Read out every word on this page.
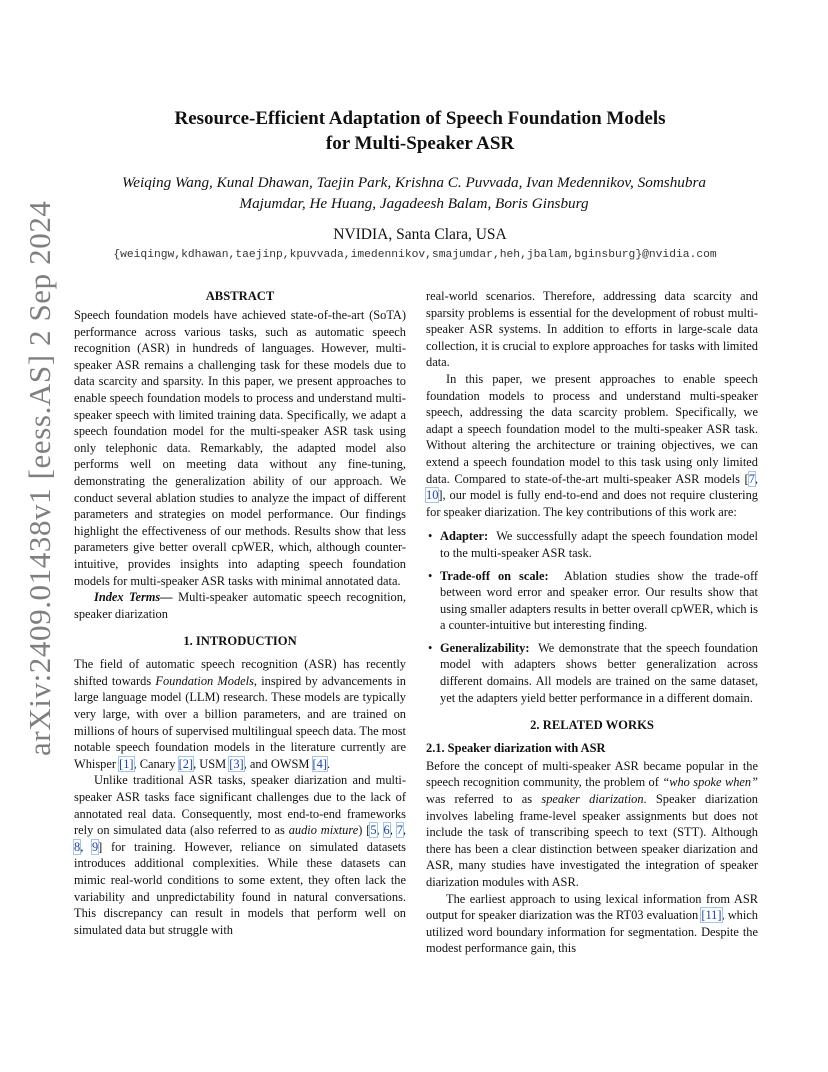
arXiv:2409.01438v1 [eess.AS] 2 Sep 2024
Resource-Efficient Adaptation of Speech Foundation Models
for Multi-Speaker ASR
Weiqing Wang, Kunal Dhawan, Taejin Park, Krishna C. Puvvada, Ivan Medennikov, Somshubra
Majumdar, He Huang, Jagadeesh Balam, Boris Ginsburg
NVIDIA, Santa Clara, USA
{weiqingw,kdhawan,taejinp,kpuvvada,imedennikov,smajumdar,heh,jbalam,bginsburg}@nvidia.com
ABSTRACT

Speech foundation models have achieved state-of-the-art (SoTA) performance across various tasks, such as automatic speech recognition (ASR) in hundreds of languages. However, multi-speaker ASR remains a challenging task for these models due to data scarcity and sparsity. In this paper, we present approaches to enable speech foundation models to process and understand multi-speaker speech with limited training data. Specifically, we adapt a speech foundation model for the multi-speaker ASR task using only telephonic data. Remarkably, the adapted model also performs well on meeting data without any fine-tuning, demonstrating the generalization ability of our approach. We conduct several ablation studies to analyze the impact of different parameters and strategies on model performance. Our findings highlight the effectiveness of our methods. Results show that less parameters give better overall cpWER, which, although counter-intuitive, provides insights into adapting speech foundation models for multi-speaker ASR tasks with minimal annotated data.

Index Terms— Multi-speaker automatic speech recognition, speaker diarization

1. INTRODUCTION

The field of automatic speech recognition (ASR) has recently shifted towards Foundation Models, inspired by advancements in large language model (LLM) research. These models are typically very large, with over a billion parameters, and are trained on millions of hours of supervised multilingual speech data. The most notable speech foundation models in the literature currently are Whisper [1], Canary [2], USM [3], and OWSM [4].

Unlike traditional ASR tasks, speaker diarization and multi-speaker ASR tasks face significant challenges due to the lack of annotated real data. Consequently, most end-to-end frameworks rely on simulated data (also referred to as audio mixture) [5, 6, 7, 8, 9] for training. However, reliance on simulated datasets introduces additional complexities. While these datasets can mimic real-world conditions to some extent, they often lack the variability and unpredictability found in natural conversations. This discrepancy can result in models that perform well on simulated data but struggle with

real-world scenarios. Therefore, addressing data scarcity and sparsity problems is essential for the development of robust multi-speaker ASR systems. In addition to efforts in large-scale data collection, it is crucial to explore approaches for tasks with limited data.

In this paper, we present approaches to enable speech foundation models to process and understand multi-speaker speech, addressing the data scarcity problem. Specifically, we adapt a speech foundation model to the multi-speaker ASR task. Without altering the architecture or training objectives, we can extend a speech foundation model to this task using only limited data. Compared to state-of-the-art multi-speaker ASR models [7, 10], our model is fully end-to-end and does not require clustering for speaker diarization. The key contributions of this work are:

• Adapter: We successfully adapt the speech foundation model to the multi-speaker ASR task.
• Trade-off on scale: Ablation studies show the trade-off between word error and speaker error. Our results show that using smaller adapters results in better overall cpWER, which is a counter-intuitive but interesting finding.
• Generalizability: We demonstrate that the speech foundation model with adapters shows better generalization across different domains. All models are trained on the same dataset, yet the adapters yield better performance in a different domain.
2. RELATED WORKS
2.1. Speaker diarization with ASR

Before the concept of multi-speaker ASR became popular in the speech recognition community, the problem of “who spoke when” was referred to as speaker diarization. Speaker diarization involves labeling frame-level speaker assignments but does not include the task of transcribing speech to text (STT). Although there has been a clear distinction between speaker diarization and ASR, many studies have investigated the integration of speaker diarization modules with ASR.

The earliest approach to using lexical information from ASR output for speaker diarization was the RT03 evaluation [11], which utilized word boundary information for segmentation. Despite the modest performance gain, this
